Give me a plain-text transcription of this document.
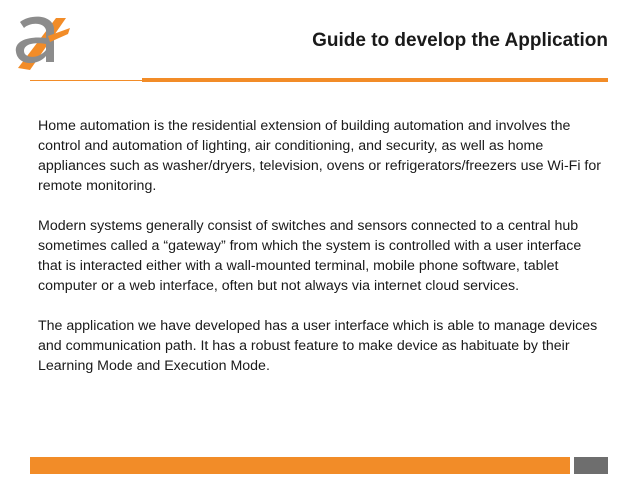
Guide to develop the Application

Home automation is the residential extension of building automation and involves the control and automation of lighting, air conditioning, and security, as well as home appliances such as washer/dryers, television, ovens or refrigerators/freezers use Wi-Fi for remote monitoring.

Modern systems generally consist of switches and sensors connected to a central hub sometimes called a “gateway” from which the system is controlled with a user interface that is interacted either with a wall-mounted terminal, mobile phone software, tablet computer or a web interface, often but not always via internet cloud services.

The application we have developed has a user interface which is able to manage devices and communication path. It has a robust feature to make device as habituate by their Learning Mode and Execution Mode.
